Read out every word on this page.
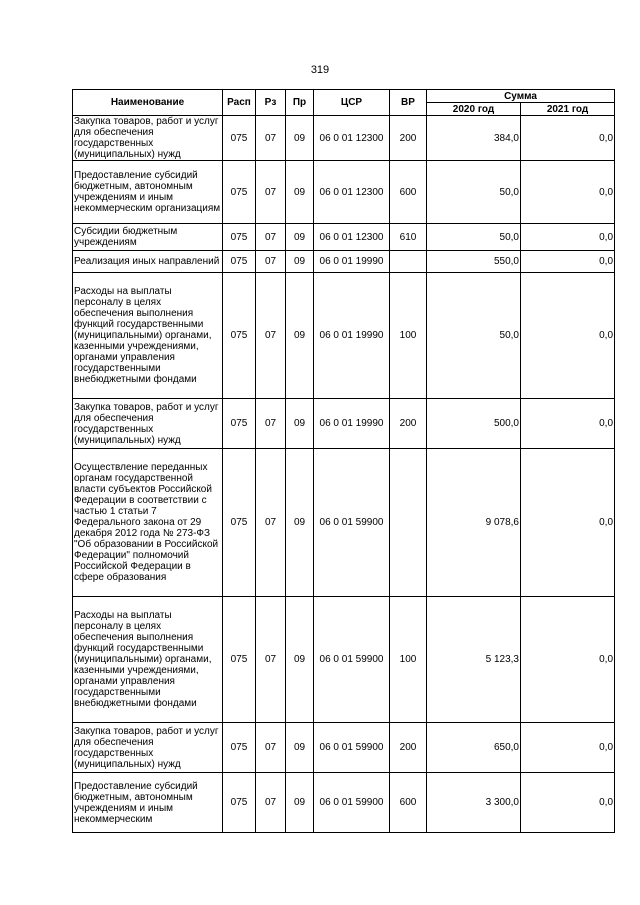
319
Наименование	Расп	Рз	Пр	ЦСР	ВР	Сумма	
						2020 год	2021 год
Закупка товаров, работ и услуг для обеспечения государственных (муниципальных) нужд	075	07	09	06 0 01 12300	200	384,0	0,0
Предоставление субсидий бюджетным, автономным учреждениям и иным некоммерческим организациям	075	07	09	06 0 01 12300	600	50,0	0,0
Субсидии бюджетным учреждениям	075	07	09	06 0 01 12300	610	50,0	0,0
Реализация иных направлений	075	07	09	06 0 01 19990		550,0	0,0
Расходы на выплаты персоналу в целях обеспечения выполнения функций государственными (муниципальными) органами, казенными учреждениями, органами управления государственными внебюджетными фондами	075	07	09	06 0 01 19990	100	50,0	0,0
Закупка товаров, работ и услуг для обеспечения государственных (муниципальных) нужд	075	07	09	06 0 01 19990	200	500,0	0,0
Осуществление переданных органам государственной власти субъектов Российской Федерации в соответствии с частью 1 статьи 7 Федерального закона от 29 декабря 2012 года № 273-ФЗ "Об образовании в Российской Федерации" полномочий Российской Федерации в сфере образования	075	07	09	06 0 01 59900		9 078,6	0,0
Расходы на выплаты персоналу в целях обеспечения выполнения функций государственными (муниципальными) органами, казенными учреждениями, органами управления государственными внебюджетными фондами	075	07	09	06 0 01 59900	100	5 123,3	0,0
Закупка товаров, работ и услуг для обеспечения государственных (муниципальных) нужд	075	07	09	06 0 01 59900	200	650,0	0,0
Предоставление субсидий бюджетным, автономным учреждениям и иным некоммерческим	075	07	09	06 0 01 59900	600	3 300,0	0,0
